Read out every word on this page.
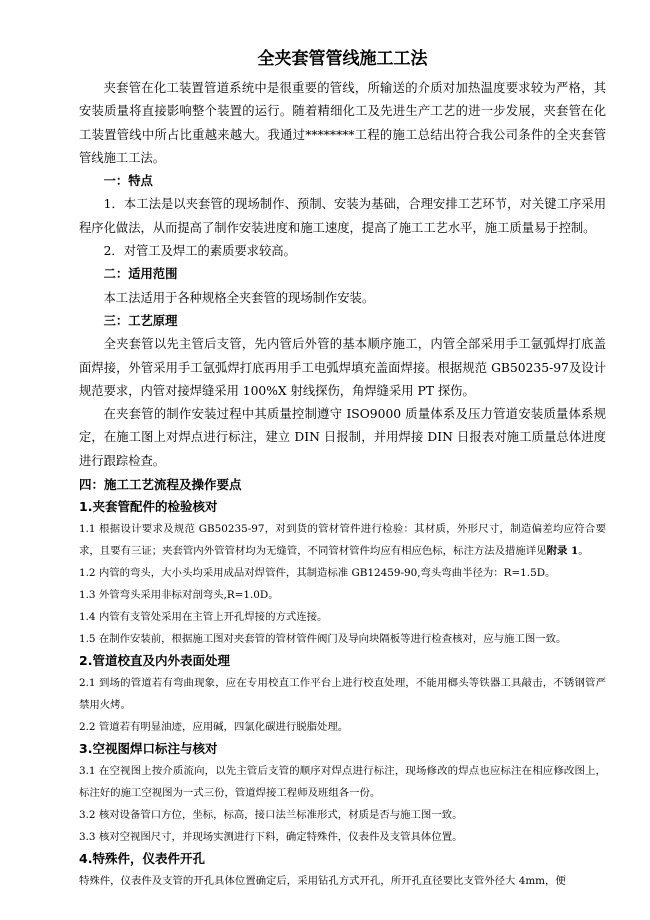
全夹套管管线施工工法

夹套管在化工装置管道系统中是很重要的管线，所输送的介质对加热温度要求较为严格，其安装质量将直接影响整个装置的运行。随着精细化工及先进生产工艺的进一步发展，夹套管在化工装置管线中所占比重越来越大。我通过********工程的施工总结出符合我公司条件的全夹套管管线施工工法。

一：特点

1．本工法是以夹套管的现场制作、预制、安装为基础，合理安排工艺环节，对关键工序采用程序化做法，从而提高了制作安装进度和施工速度，提高了施工工艺水平，施工质量易于控制。

2．对管工及焊工的素质要求较高。

二：适用范围

本工法适用于各种规格全夹套管的现场制作安装。

三：工艺原理

全夹套管以先主管后支管，先内管后外管的基本顺序施工，内管全部采用手工氩弧焊打底盖面焊接，外管采用手工氩弧焊打底再用手工电弧焊填充盖面焊接。根据规范 GB50235-97及设计规范要求，内管对接焊缝采用 100%X 射线探伤，角焊缝采用 PT 探伤。

在夹套管的制作安装过程中其质量控制遵守 ISO9000 质量体系及压力管道安装质量体系规定，在施工图上对焊点进行标注，建立 DIN 日报制，并用焊接 DIN 日报表对施工质量总体进度进行跟踪检查。

四：施工工艺流程及操作要点

1.夹套管配件的检验核对

1.1 根据设计要求及规范 GB50235-97，对到货的管材管件进行检验：其材质，外形尺寸，制造偏差均应符合要求，且要有三证；夹套管内外管管材均为无缝管，不同管材管件均应有相应色标，标注方法及措施详见附录 1。

1.2 内管的弯头，大小头均采用成品对焊管件，其制造标准 GB12459-90,弯头弯曲半径为：R=1.5D。

1.3 外管弯头采用非标对剖弯头,R=1.0D。

1.4 内管有支管处采用在主管上开孔焊接的方式连接。

1.5 在制作安装前，根据施工图对夹套管的管材管件阀门及导向块隔板等进行检查核对，应与施工图一致。

2.管道校直及内外表面处理

2.1 到场的管道若有弯曲现象，应在专用校直工作平台上进行校直处理，不能用榔头等铁器工具敲击，不锈钢管严禁用火烤。

2.2 管道若有明显油迹，应用碱，四氯化碳进行脱脂处理。

3.空视图焊口标注与核对

3.1 在空视图上按介质流向，以先主管后支管的顺序对焊点进行标注，现场修改的焊点也应标注在相应修改图上，标注好的施工空视图为一式三份，管道焊接工程师及班组各一份。

3.2 核对设备管口方位，坐标，标高，接口法兰标准形式，材质是否与施工图一致。

3.3 核对空视图尺寸，并现场实测进行下料，确定特殊件，仪表件及支管具体位置。

4.特殊件，仪表件开孔

特殊件，仪表件及支管的开孔具体位置确定后，采用钻孔方式开孔，所开孔直径要比支管外径大 4mm，便
